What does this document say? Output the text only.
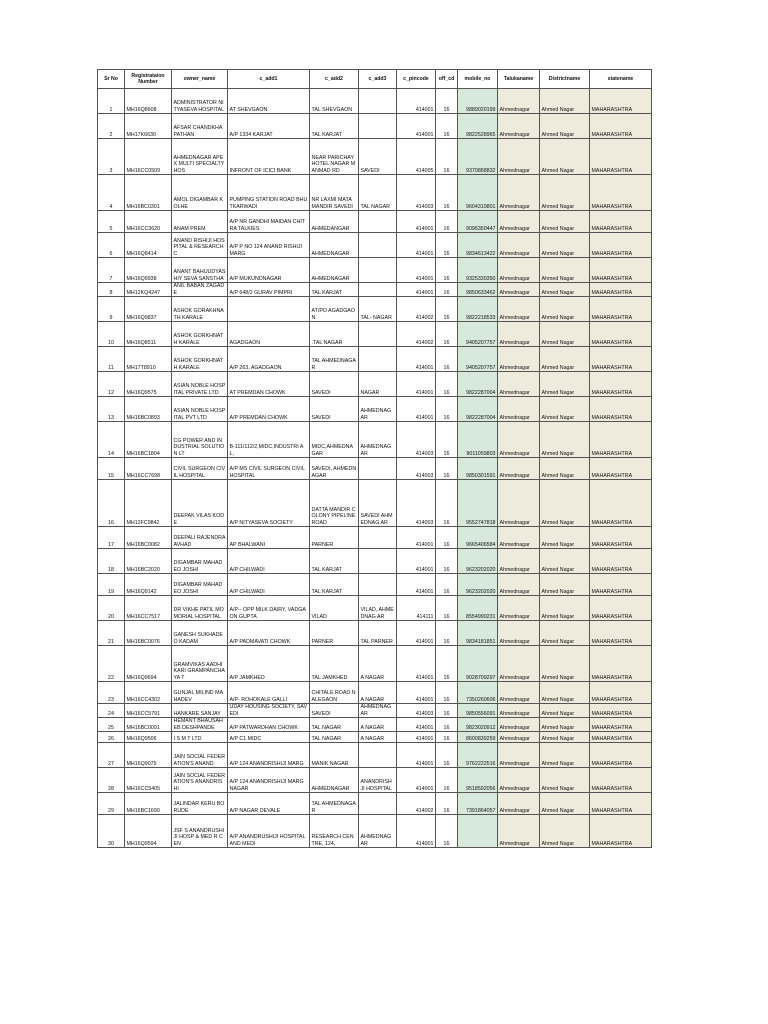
Sr No	Registrataion Number	owner_name	c_add1	c_add2	c_add3	c_pincode	off_cd	mobile_no	Talukaname	Districtname	statename

1	MH16Q8608	ADMINISTRATOR NITYASEVA HOSPITAL	AT SHEVGAON	TAL SHEVGAON		414001	16	9889020199	Ahmednagar	Ahmed Nagar	MAHARASHTRA

2	MH17K6630	AFSAR CHANDKHA PATHAN	A/P 1334 KARJAT	TAL KARJAT		414001	16	9822528965	Ahmednagar	Ahmed Nagar	MAHARASHTRA

3	MH16CC0509	AHMEDNAGAR APEX MULTI SPECIALTY HOS	INFRONT OF ICICI BANK	NEAR PARICHAY HOTEL NAGAR MANMAD RD	SAVEDI	414005	16	9370868832	Ahmednagar	Ahmed Nagar	MAHARASHTRA

4	MH16BC0301	AMOL DIGAMBAR KOLHE	PUMPING STATION ROAD BHUTKARWADI	NR LAXMI MATA MANDIR SAVEDI	TAL NAGAR	414003	16	9604310801	Ahmednagar	Ahmed Nagar	MAHARASHTRA

5	MH16CC3620	ANAM PREM	A/P NR GANDHI MAIDAN CHITRA TALKIES	AHMEDANGAR		414001	16	9096350447	Ahmednagar	Ahmed Nagar	MAHARASHTRA

6	MH16Q8414	ANAND RISHIJI HOSPITAL & RESEARCH C	A/P P NO 124 ANAND RISHIJI MARG	AHMEDNAGAR		414001	16	9834613422	Ahmednagar	Ahmed Nagar	MAHARASHTRA

7	MH16Q9938	ANANT BAHUUDYASHIY SEVA SANSTHA	A/P MUKUNDNAGAR	AHMEDNAGAR		414001	16	9325330350	Ahmednagar	Ahmed Nagar	MAHARASHTRA

8	MH12KQ4247	ANIL BABAN ZAGADE	A/P 648/2 GURAV PIMPRI	TAL KARJAT		414001	16	9850633462	Ahmednagar	Ahmed Nagar	MAHARASHTRA

9	MH16Q9837	ASHOK GORAKHNATH KARALE		AT/PO AGADGAON	TAL- NAGAR	414002	16	9822218533	Ahmednagar	Ahmed Nagar	MAHARASHTRA

10	MH16Q8511	ASHOK GORKHNATH KARALE	AGADGAON	.TAL NAGAR		414002	16	9405207757	Ahmednagar	Ahmed Nagar	MAHARASHTRA

11	MH17T8910	ASHOK GORKHNATH KARALE	A/P 263, AGADGAON	TAL AHMEDNAGAR		414001	16	9405207757	Ahmednagar	Ahmed Nagar	MAHARASHTRA

12	MH16Q9575	ASIAN NOBLE HOSPITAL PRIVATE LTD	AT PREMDAN CHOWK	SAVEDI	NAGAR	414001	16	9822287004	Ahmednagar	Ahmed Nagar	MAHARASHTRA

13	MH16BC0893	ASIAN NOBLE HOSPITAL PVT LTD	A/P PREMDAN CHOWK	SAVEDI	AHMEDNAG AR	414001	16	9822287004	Ahmednagar	Ahmed Nagar	MAHARASHTRA

14	MH16BC1804	CG POWER AND INDUSTRIAL SOLUTION LT	B-111/112/2,MIDC,INDUSTRI AL,	MIDC,AHMEDNA GAR	AHMEDNAG AR	414003	16	9011059803	Ahmednagar	Ahmed Nagar	MAHARASHTRA

15	MH16CC7698	CIVIL SURGEON CIVIL HOSPITAL	A/P MS CIVIL SURGEON CIVIL HOSPITAL	SAVEDI, AHMEDNAGAR		414003	16	9850301591	Ahmednagar	Ahmed Nagar	MAHARASHTRA

16	MH12FC9842	DEEPAK VILAS KODE	A/P NITYASEVA SOCIETY	DATTA MANDIR COLONY PIPELINE ROAD	SAVEDI AHMEDNAG AR	414003	16	9552747818	Ahmednagar	Ahmed Nagar	MAHARASHTRA

17	MH16BC0082	DEEPALI RAJENDRA AVHAD	AP BHALWANI	PARNER		414001	16	9665406584	Ahmednagar	Ahmed Nagar	MAHARASHTRA

18	MH16BC2020	DIGAMBAR MAHADEO JOSHI	A/P CHILWADI	TAL KARJAT		414001	16	9623202020	Ahmednagar	Ahmed Nagar	MAHARASHTRA

19	MH16Q9142	DIGAMBAR MAHADEO JOSHI	A/P CHILWADI	TAL KARJAT		414001	16	9623202020	Ahmednagar	Ahmed Nagar	MAHARASHTRA

20	MH16CC7517	DR VIKHE PATIL MOMORIAL HOSPITAL	A/P-- OPP MILK DAIRY, VADGAON GUPTA	VILAD	VILAD, AHMEDNAG AR	414111	16	8554990231	Ahmednagar	Ahmed Nagar	MAHARASHTRA

21	MH16BC0076	GANESH SUKHADEO KADAM	A/P PADMAVATI CHOWK	PARNER	TAL PARNER	414001	16	9834181851	Ahmednagar	Ahmed Nagar	MAHARASHTRA

22	MH16Q9694	GRAMVIKAS AADHIKARI GRAMPANCHAYA T	A/P JAMKHED	TAL JAMKHED	A NAGAR	414001	16	9028709297	Ahmednagar	Ahmed Nagar	MAHARASHTRA

23	MH16CC4302	GUNJAL MILIND MAHADEV	A/P- ROHOKALE GALLI	CHITALE ROAD NALEGAON	A NAGAR	414001	16	7350260606	Ahmednagar	Ahmed Nagar	MAHARASHTRA

24	MH16CC5791	HANKARE SANJAY	UDAY HOUSING SOCIETY, SAVEDI	SAVEDI	AHMEDNAG AR	414003	16	9850556091	Ahmednagar	Ahmed Nagar	MAHARASHTRA

25	MH16BC0091	HEMANT BHAUSAHEB DESHPANDE	A/P PATWARDHAN CHOWK	TAL NAGAR	A NAGAR	414001	16	9823020912	Ahmednagar	Ahmed Nagar	MAHARASHTRA

26	MH16Q9506	I S M T LTD	A/P C1 MIDC	TAL NAGAR	A NAGAR	414001	16	8600839259	Ahmednagar	Ahmed Nagar	MAHARASHTRA

27	MH16Q9075	JAIN SOCIAL FEDERATION'S ANAND	A/P 124 ANANDRISHIJI MARG	MANIK NAGAR		414001	16	9762222516	Ahmednagar	Ahmed Nagar	MAHARASHTRA

28	MH16CC5405	JAIN SOCIAL FEDERATION'S ANANDRISHI	A/P 124 ANANDRISHIJI MARG NAGAR	AHMEDNAGAR	ANANDRISH JI HOSPITAL	414001	16	9518592056	Ahmednagar	Ahmed Nagar	MAHARASHTRA

29	MH16BC1690	JALINDAR KERU BORUDE	A/P NAGAR DEVALE	TAL AHMEDNAGAR		414002	16	7391864057	Ahmednagar	Ahmed Nagar	MAHARASHTRA

30	MH16Q9594	JSF S ANANDRUSHIJI HOSP & MED R CEN	A/P ANANDRUSHIJI HOSPITAL AND MEDI	RESEARCH CENTRE, 124,	AHMEDNAG AR	414001	16		Ahmednagar	Ahmed Nagar	MAHARASHTRA
